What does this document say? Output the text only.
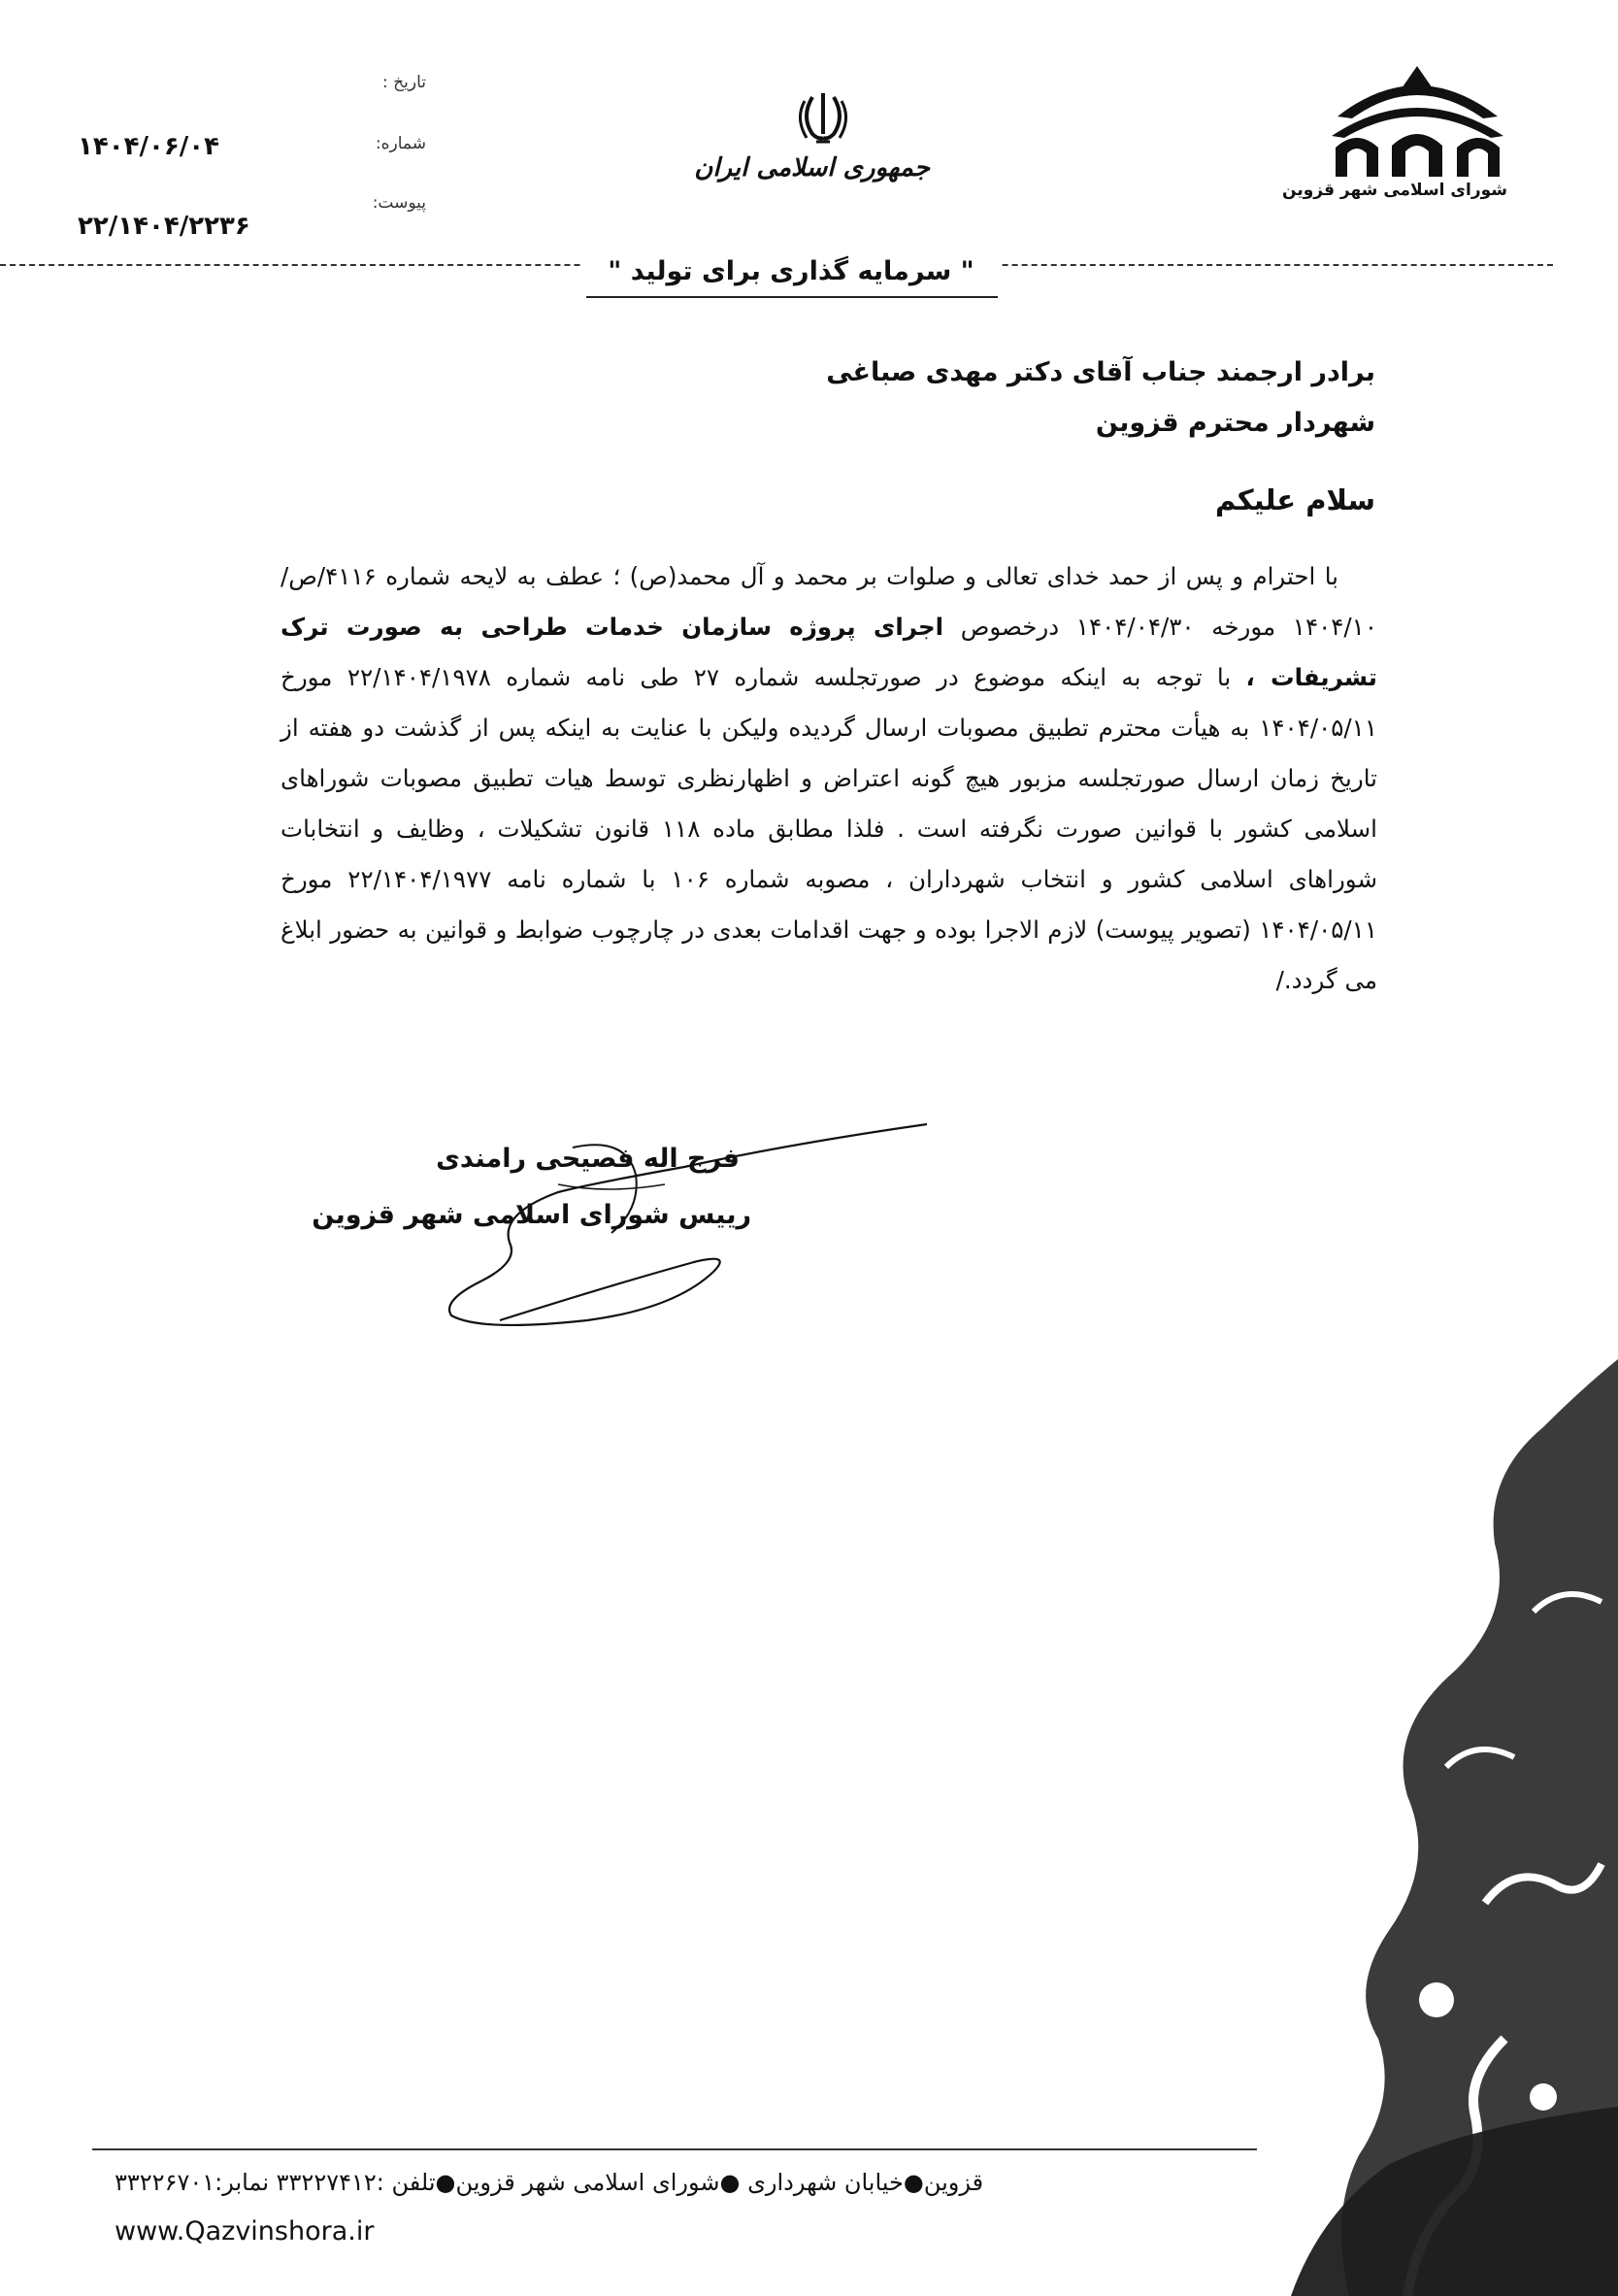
شورای اسلامی شهر قزوین
جمهوری اسلامی ایران
تاریخ :
شماره:
پیوست:
۱۴۰۴/۰۶/۰۴
۲۲/۱۴۰۴/۲۲۳۶
" سرمایه گذاری برای تولید "
برادر ارجمند جناب آقای دکتر مهدی صباغی
شهردار محترم قزوین
سلام علیکم

با احترام و پس از حمد خدای تعالی و صلوات بر محمد و آل محمد(ص) ؛ عطف به لایحه شماره ۴۱۱۶/ص/۱۴۰۴/۱۰ مورخه ۱۴۰۴/۰۴/۳۰ درخصوص اجرای پروژه سازمان خدمات طراحی به صورت ترک تشریفات ، با توجه به اینکه موضوع در صورتجلسه شماره ۲۷ طی نامه شماره ۲۲/۱۴۰۴/۱۹۷۸ مورخ ۱۴۰۴/۰۵/۱۱ به هیأت محترم تطبیق مصوبات ارسال گردیده ولیکن با عنایت به اینکه پس از گذشت دو هفته از تاریخ زمان ارسال صورتجلسه مزبور هیچ گونه اعتراض و اظهارنظری توسط هیات تطبیق مصوبات شوراهای اسلامی کشور با قوانین صورت نگرفته است . فلذا مطابق ماده ۱۱۸ قانون تشکیلات ، وظایف و انتخابات شوراهای اسلامی کشور و انتخاب شهرداران ، مصوبه شماره ۱۰۶ با شماره نامه ۲۲/۱۴۰۴/۱۹۷۷ مورخ ۱۴۰۴/۰۵/۱۱ (تصویر پیوست) لازم الاجرا بوده و جهت اقدامات بعدی در چارچوب ضوابط و قوانین به حضور ابلاغ می گردد./

فرج اله فصیحی رامندی
رییس شورای اسلامی شهر قزوین
قزوین●خیابان شهرداری ●شورای اسلامی شهر قزوین●تلفن :۳۳۲۲۷۴۱۲ نمابر:۳۳۲۲۶۷۰۱
www.Qazvinshora.ir
